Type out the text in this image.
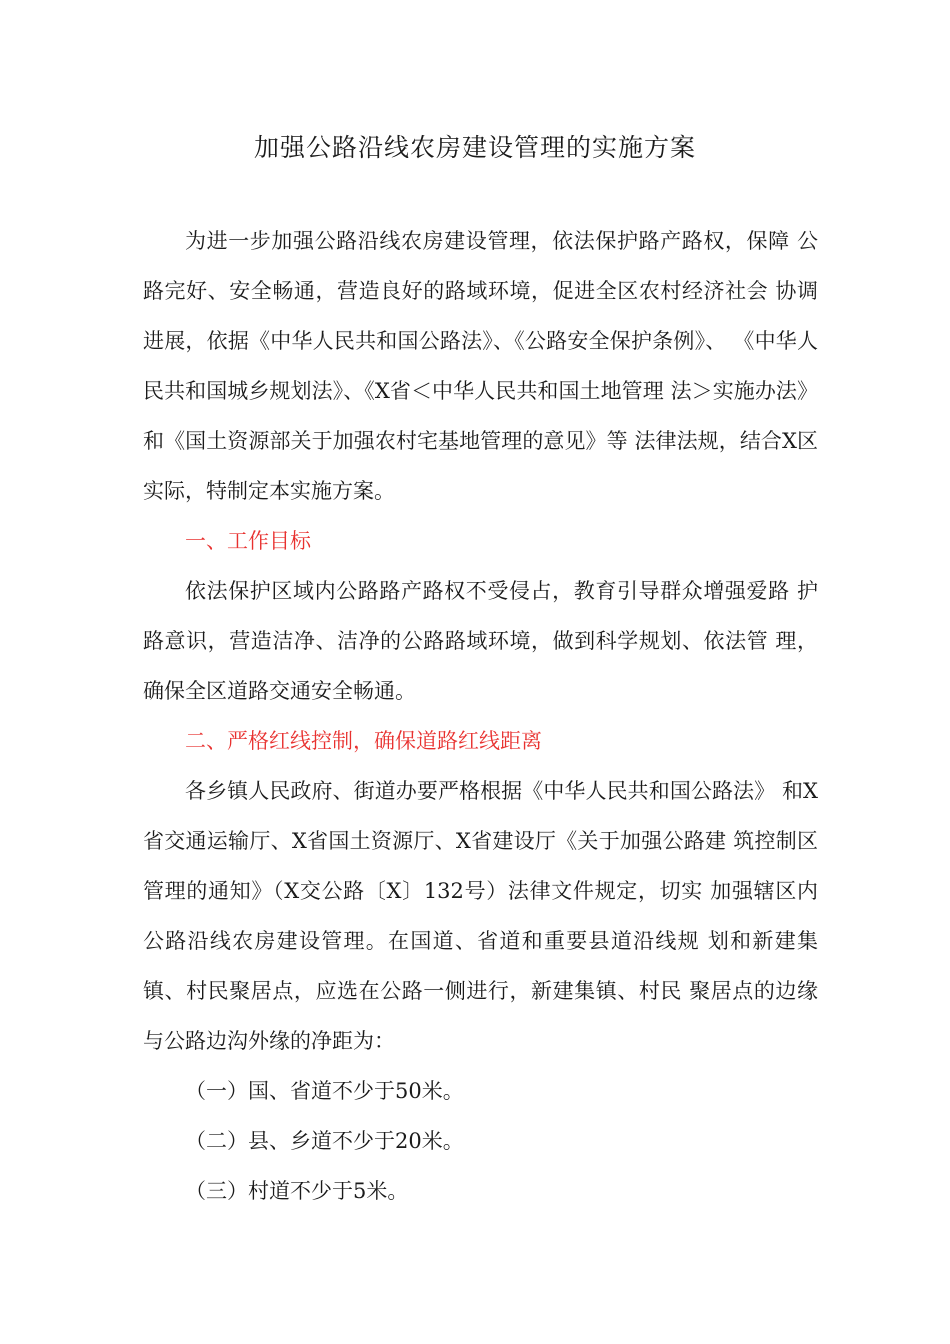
加强公路沿线农房建设管理的实施方案

为进一步加强公路沿线农房建设管理，依法保护路产路权，保障 公路完好、安全畅通，营造良好的路域环境，促进全区农村经济社会 协调进展，依据《中华人民共和国公路法》、《公路安全保护条例》、 《中华人民共和国城乡规划法》、《X省＜中华人民共和国土地管理 法＞实施办法》和《国土资源部关于加强农村宅基地管理的意见》等 法律法规，结合X区实际，特制定本实施方案。

一、工作目标

依法保护区域内公路路产路权不受侵占，教育引导群众增强爱路 护路意识，营造洁净、洁净的公路路域环境，做到科学规划、依法管 理，确保全区道路交通安全畅通。

二、严格红线控制，确保道路红线距离

各乡镇人民政府、街道办要严格根据《中华人民共和国公路法》 和X省交通运输厅、X省国土资源厅、X省建设厅《关于加强公路建 筑控制区管理的通知》（X交公路〔X〕132号）法律文件规定，切实 加强辖区内公路沿线农房建设管理。在国道、省道和重要县道沿线规 划和新建集镇、村民聚居点，应选在公路一侧进行，新建集镇、村民 聚居点的边缘与公路边沟外缘的净距为：

（一）国、省道不少于50米。

（二）县、乡道不少于20米。

（三）村道不少于5米。
